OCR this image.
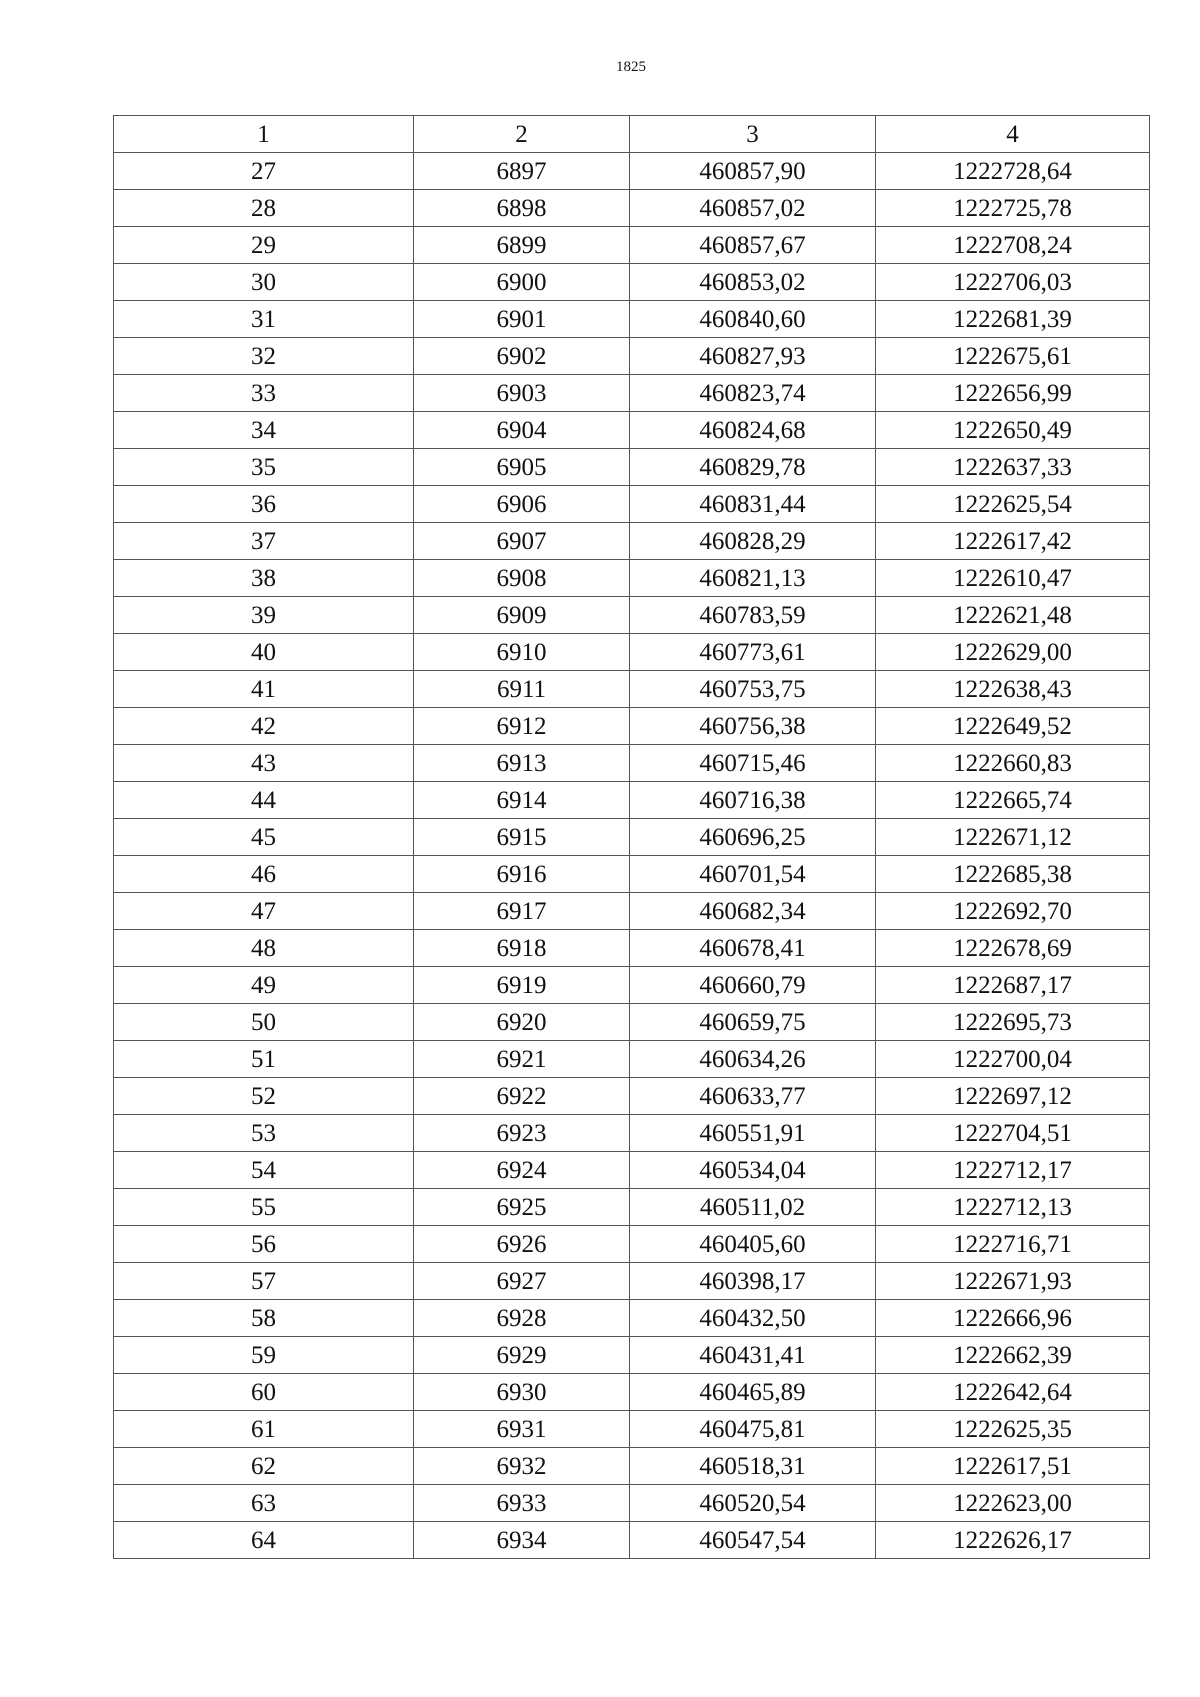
1825
1	2	3	4
27	6897	460857,90	1222728,64
28	6898	460857,02	1222725,78
29	6899	460857,67	1222708,24
30	6900	460853,02	1222706,03
31	6901	460840,60	1222681,39
32	6902	460827,93	1222675,61
33	6903	460823,74	1222656,99
34	6904	460824,68	1222650,49
35	6905	460829,78	1222637,33
36	6906	460831,44	1222625,54
37	6907	460828,29	1222617,42
38	6908	460821,13	1222610,47
39	6909	460783,59	1222621,48
40	6910	460773,61	1222629,00
41	6911	460753,75	1222638,43
42	6912	460756,38	1222649,52
43	6913	460715,46	1222660,83
44	6914	460716,38	1222665,74
45	6915	460696,25	1222671,12
46	6916	460701,54	1222685,38
47	6917	460682,34	1222692,70
48	6918	460678,41	1222678,69
49	6919	460660,79	1222687,17
50	6920	460659,75	1222695,73
51	6921	460634,26	1222700,04
52	6922	460633,77	1222697,12
53	6923	460551,91	1222704,51
54	6924	460534,04	1222712,17
55	6925	460511,02	1222712,13
56	6926	460405,60	1222716,71
57	6927	460398,17	1222671,93
58	6928	460432,50	1222666,96
59	6929	460431,41	1222662,39
60	6930	460465,89	1222642,64
61	6931	460475,81	1222625,35
62	6932	460518,31	1222617,51
63	6933	460520,54	1222623,00
64	6934	460547,54	1222626,17
